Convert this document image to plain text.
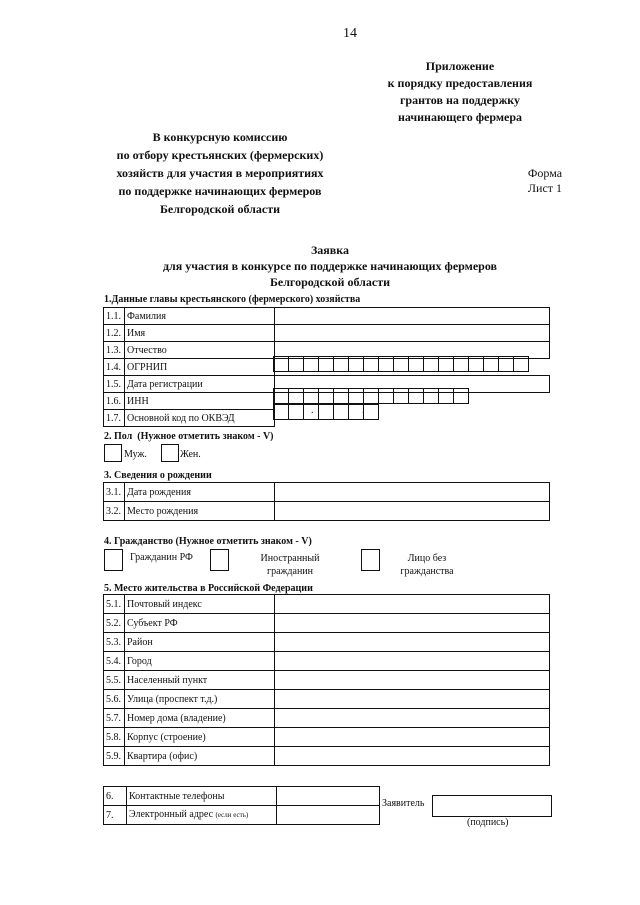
14
Приложение
к порядку предоставления
грантов на поддержку
начинающего фермера
В конкурсную комиссию
по отбору крестьянских (фермерских)
хозяйств для участия в мероприятиях
по поддержке начинающих фермеров
Белгородской области
Форма
Лист 1
Заявка
для участия в конкурсе по поддержке начинающих фермеров
Белгородской области
1.Данные главы крестьянского (фермерского) хозяйства
1.1.	Фамилия	
1.2.	Имя	
1.3.	Отчество	
1.4.	ОГРНИП	
1.5.	Дата регистрации	
1.6.	ИНН	
1.7.	Основной код по ОКВЭД	
.	.
2. Пол (Нужное отметить знаком - V)
Муж.	Жен.
3. Сведения о рождении
3.1.	Дата рождения	
3.2.	Место рождения	
4. Гражданство (Нужное отметить знаком - V)
Гражданин РФ	Иностранный
гражданин
Лицо без
гражданства
5. Место жительства в Российской Федерации
5.1.	Почтовый индекс	
5.2.	Субъект РФ	
5.3.	Район	
5.4.	Город	
5.5.	Населенный пункт	
5.6.	Улица (проспект т.д.)	
5.7.	Номер дома (владение)	
5.8.	Корпус (строение)	
5.9.	Квартира (офис)	
6.	Контактные телефоны	
7.	Электронный адрес (если есть)	
Заявитель
(подпись)
